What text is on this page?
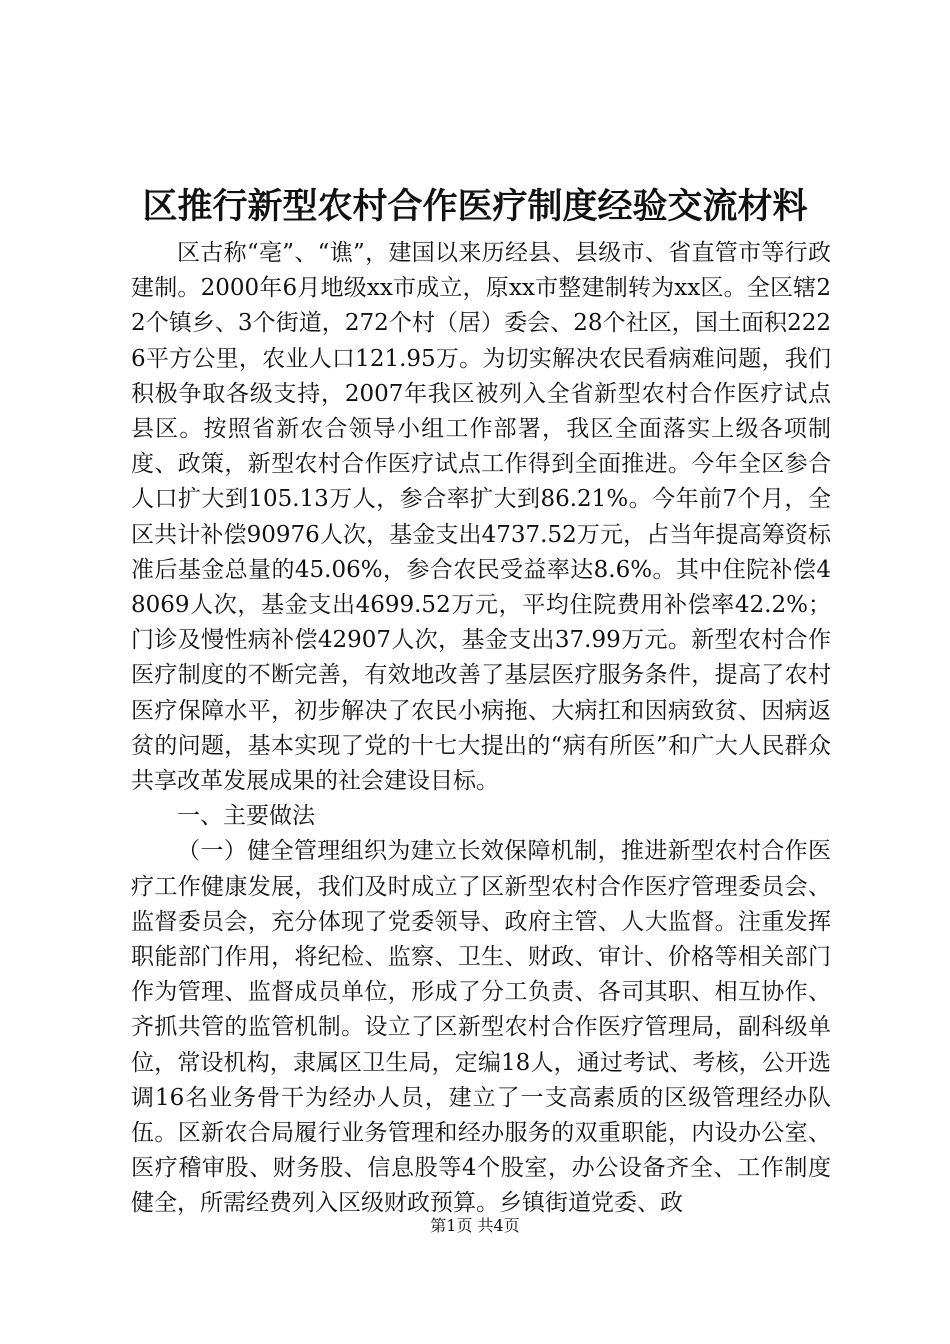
区推行新型农村合作医疗制度经验交流材料

区古称“亳”、“谯”，建国以来历经县、县级市、省直管市等行政建制。2000年6月地级xx市成立，原xx市整建制转为xx区。全区辖22个镇乡、3个街道，272个村（居）委会、28个社区，国土面积2226平方公里，农业人口121.95万。为切实解决农民看病难问题，我们积极争取各级支持，2007年我区被列入全省新型农村合作医疗试点县区。按照省新农合领导小组工作部署，我区全面落实上级各项制度、政策，新型农村合作医疗试点工作得到全面推进。今年全区参合人口扩大到105.13万人，参合率扩大到86.21%。今年前7个月，全区共计补偿90976人次，基金支出4737.52万元，占当年提高筹资标准后基金总量的45.06%，参合农民受益率达8.6%。其中住院补偿48069人次，基金支出4699.52万元，平均住院费用补偿率42.2%；门诊及慢性病补偿42907人次，基金支出37.99万元。新型农村合作医疗制度的不断完善，有效地改善了基层医疗服务条件，提高了农村医疗保障水平，初步解决了农民小病拖、大病扛和因病致贫、因病返贫的问题，基本实现了党的十七大提出的“病有所医”和广大人民群众共享改革发展成果的社会建设目标。

一、主要做法

（一）健全管理组织为建立长效保障机制，推进新型农村合作医疗工作健康发展，我们及时成立了区新型农村合作医疗管理委员会、监督委员会，充分体现了党委领导、政府主管、人大监督。注重发挥职能部门作用，将纪检、监察、卫生、财政、审计、价格等相关部门作为管理、监督成员单位，形成了分工负责、各司其职、相互协作、齐抓共管的监管机制。设立了区新型农村合作医疗管理局，副科级单位，常设机构，隶属区卫生局，定编18人，通过考试、考核，公开选调16名业务骨干为经办人员，建立了一支高素质的区级管理经办队伍。区新农合局履行业务管理和经办服务的双重职能，内设办公室、医疗稽审股、财务股、信息股等4个股室，办公设备齐全、工作制度健全，所需经费列入区级财政预算。乡镇街道党委、政

第1页 共4页
